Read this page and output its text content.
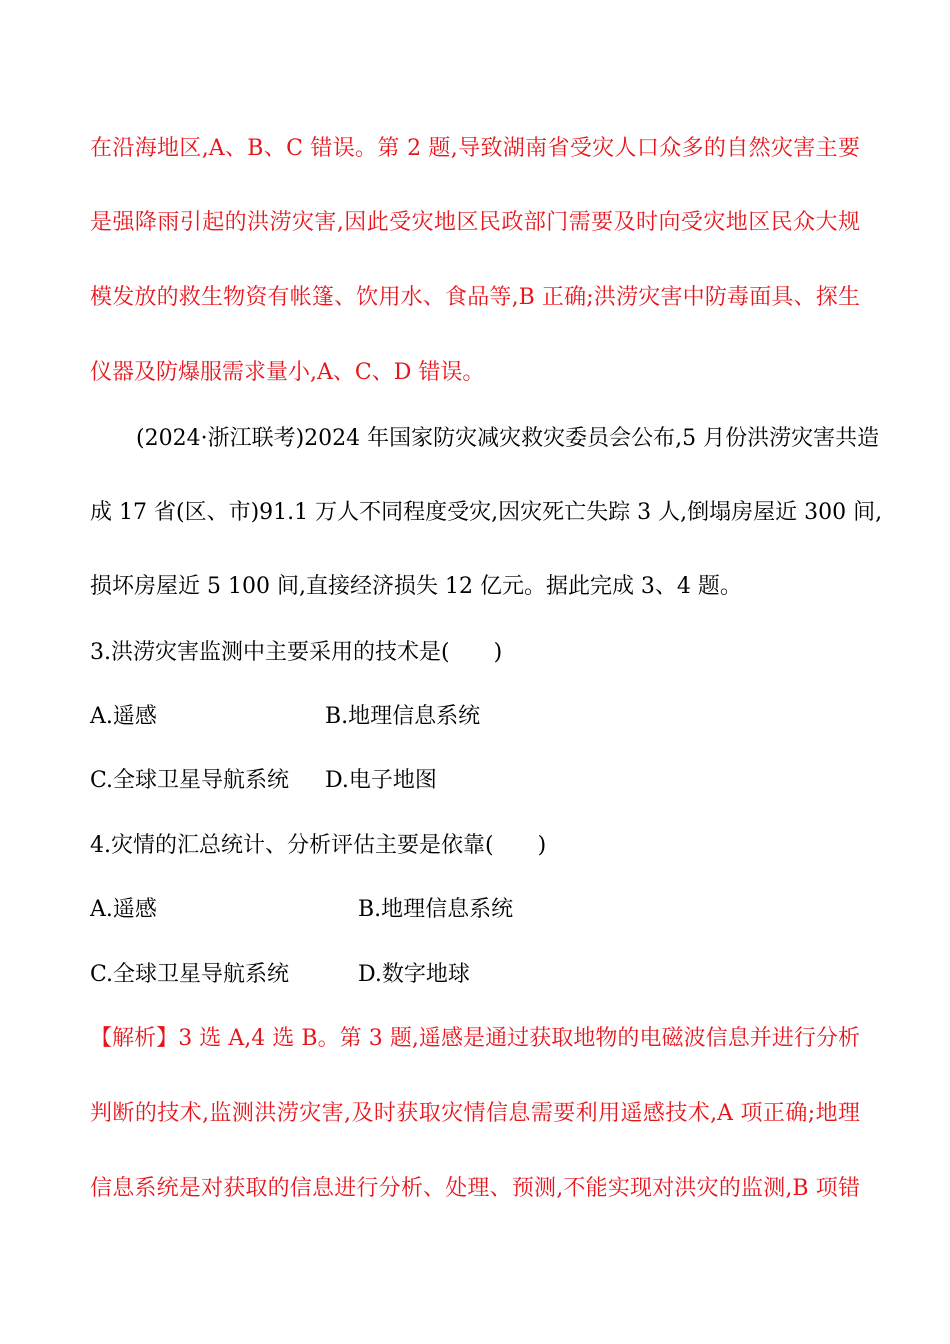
在沿海地区,A、B、C 错误。第 2 题,导致湖南省受灾人口众多的自然灾害主要
是强降雨引起的洪涝灾害,因此受灾地区民政部门需要及时向受灾地区民众大规
模发放的救生物资有帐篷、饮用水、食品等,B 正确;洪涝灾害中防毒面具、探生
仪器及防爆服需求量小,A、C、D 错误。
(2024·浙江联考)2024 年国家防灾减灾救灾委员会公布,5 月份洪涝灾害共造
成 17 省(区、市)91.1 万人不同程度受灾,因灾死亡失踪 3 人,倒塌房屋近 300 间,
损坏房屋近 5 100 间,直接经济损失 12 亿元。据此完成 3、4 题。
3.洪涝灾害监测中主要采用的技术是(　　)
A.遥感	B.地理信息系统
C.全球卫星导航系统 D.电子地图
4.灾情的汇总统计、分析评估主要是依靠(　　)
A.遥感	B.地理信息系统
C.全球卫星导航系统	D.数字地球
【解析】3 选 A,4 选 B。第 3 题,遥感是通过获取地物的电磁波信息并进行分析
判断的技术,监测洪涝灾害,及时获取灾情信息需要利用遥感技术,A 项正确;地理
信息系统是对获取的信息进行分析、处理、预测,不能实现对洪灾的监测,B 项错
